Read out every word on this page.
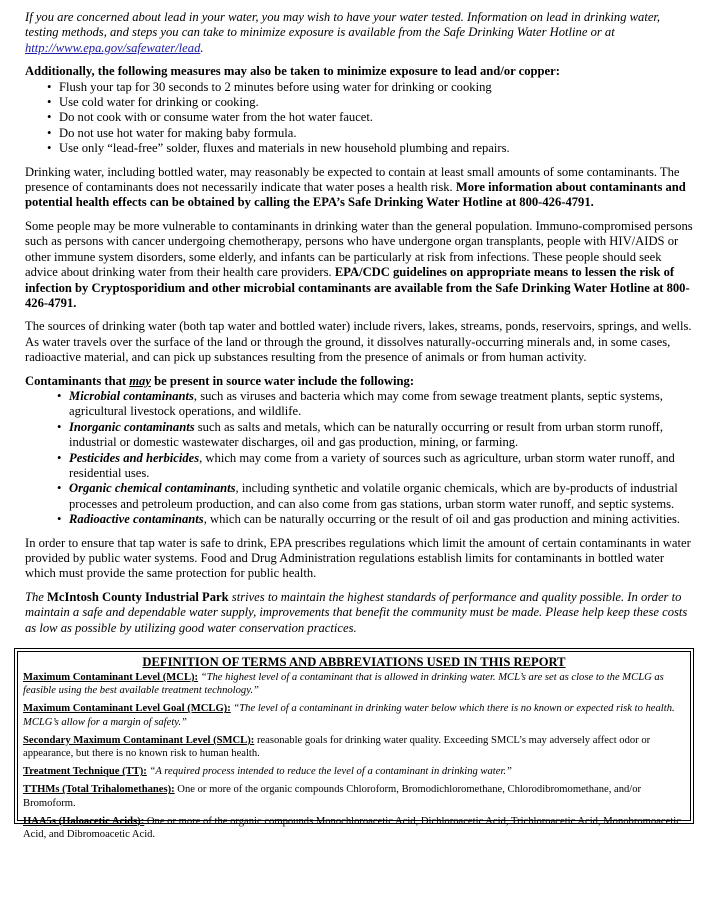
If you are concerned about lead in your water, you may wish to have your water tested. Information on lead in drinking water, testing methods, and steps you can take to minimize exposure is available from the Safe Drinking Water Hotline or at http://www.epa.gov/safewater/lead.

Additionally, the following measures may also be taken to minimize exposure to lead and/or copper:

• Flush your tap for 30 seconds to 2 minutes before using water for drinking or cooking
• Use cold water for drinking or cooking.
• Do not cook with or consume water from the hot water faucet.
• Do not use hot water for making baby formula.
• Use only “lead-free” solder, fluxes and materials in new household plumbing and repairs.

Drinking water, including bottled water, may reasonably be expected to contain at least small amounts of some contaminants. The presence of contaminants does not necessarily indicate that water poses a health risk. More information about contaminants and potential health effects can be obtained by calling the EPA’s Safe Drinking Water Hotline at 800-426-4791.

Some people may be more vulnerable to contaminants in drinking water than the general population. Immuno-compromised persons such as persons with cancer undergoing chemotherapy, persons who have undergone organ transplants, people with HIV/AIDS or other immune system disorders, some elderly, and infants can be particularly at risk from infections. These people should seek advice about drinking water from their health care providers. EPA/CDC guidelines on appropriate means to lessen the risk of infection by Cryptosporidium and other microbial contaminants are available from the Safe Drinking Water Hotline at 800-426-4791.

The sources of drinking water (both tap water and bottled water) include rivers, lakes, streams, ponds, reservoirs, springs, and wells. As water travels over the surface of the land or through the ground, it dissolves naturally-occurring minerals and, in some cases, radioactive material, and can pick up substances resulting from the presence of animals or from human activity.

Contaminants that may be present in source water include the following:

• Microbial contaminants, such as viruses and bacteria which may come from sewage treatment plants, septic systems, agricultural livestock operations, and wildlife.
• Inorganic contaminants such as salts and metals, which can be naturally occurring or result from urban storm runoff, industrial or domestic wastewater discharges, oil and gas production, mining, or farming.
• Pesticides and herbicides, which may come from a variety of sources such as agriculture, urban storm water runoff, and residential uses.
• Organic chemical contaminants, including synthetic and volatile organic chemicals, which are by-products of industrial processes and petroleum production, and can also come from gas stations, urban storm water runoff, and septic systems.
• Radioactive contaminants, which can be naturally occurring or the result of oil and gas production and mining activities.

In order to ensure that tap water is safe to drink, EPA prescribes regulations which limit the amount of certain contaminants in water provided by public water systems. Food and Drug Administration regulations establish limits for contaminants in bottled water which must provide the same protection for public health.

The McIntosh County Industrial Park strives to maintain the highest standards of performance and quality possible. In order to maintain a safe and dependable water supply, improvements that benefit the community must be made. Please help keep these costs as low as possible by utilizing good water conservation practices.

DEFINITION OF TERMS AND ABBREVIATIONS USED IN THIS REPORT
Maximum Contaminant Level (MCL): “The highest level of a contaminant that is allowed in drinking water. MCL’s are set as close to the MCLG as feasible using the best available treatment technology.”
Maximum Contaminant Level Goal (MCLG): “The level of a contaminant in drinking water below which there is no known or expected risk to health. MCLG’s allow for a margin of safety.”
Secondary Maximum Contaminant Level (SMCL): reasonable goals for drinking water quality. Exceeding SMCL’s may adversely affect odor or appearance, but there is no known risk to human health.
Treatment Technique (TT): “A required process intended to reduce the level of a contaminant in drinking water.”
TTHMs (Total Trihalomethanes): One or more of the organic compounds Chloroform, Bromodichloromethane, Chlorodibromomethane, and/or Bromoform.
HAA5s (Haloacetic Acids): One or more of the organic compounds Monochloroacetic Acid, Dichloroacetic Acid, Trichloroacetic Acid, Monobromoacetic Acid, and Dibromoacetic Acid.
